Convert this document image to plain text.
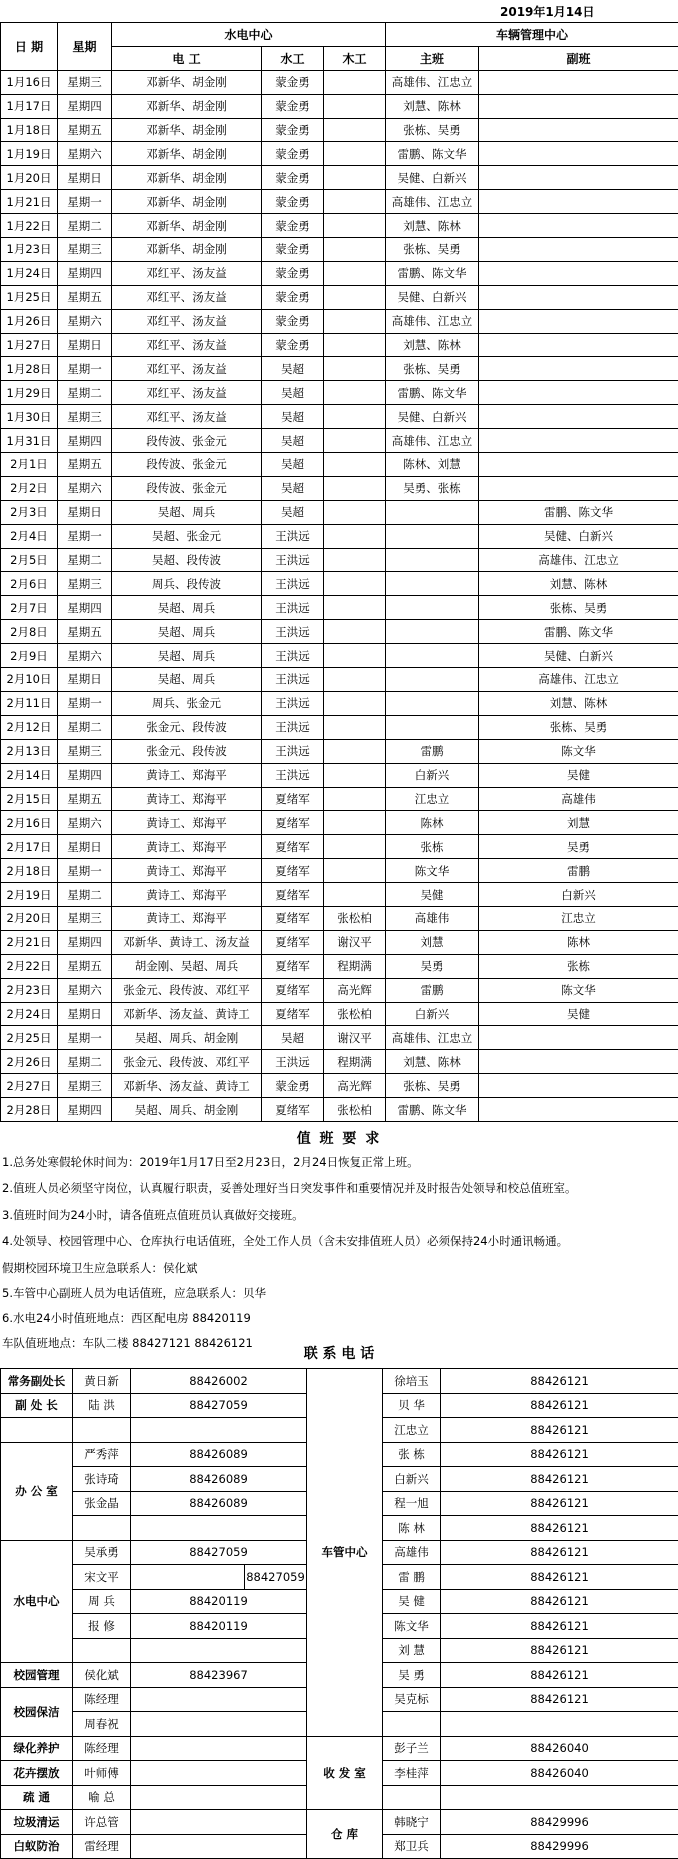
2019年1月14日
日 期	星期	水电中心			车辆管理中心	
		电 工	水工	木工	主班	副班
1月16日	星期三	邓新华、胡金刚	蒙金勇		高雄伟、江忠立	
1月17日	星期四	邓新华、胡金刚	蒙金勇		刘慧、陈林	
1月18日	星期五	邓新华、胡金刚	蒙金勇		张栋、吴勇	
1月19日	星期六	邓新华、胡金刚	蒙金勇		雷鹏、陈文华	
1月20日	星期日	邓新华、胡金刚	蒙金勇		吴健、白新兴	
1月21日	星期一	邓新华、胡金刚	蒙金勇		高雄伟、江忠立	
1月22日	星期二	邓新华、胡金刚	蒙金勇		刘慧、陈林	
1月23日	星期三	邓新华、胡金刚	蒙金勇		张栋、吴勇	
1月24日	星期四	邓红平、汤友益	蒙金勇		雷鹏、陈文华	
1月25日	星期五	邓红平、汤友益	蒙金勇		吴健、白新兴	
1月26日	星期六	邓红平、汤友益	蒙金勇		高雄伟、江忠立	
1月27日	星期日	邓红平、汤友益	蒙金勇		刘慧、陈林	
1月28日	星期一	邓红平、汤友益	吴超		张栋、吴勇	
1月29日	星期二	邓红平、汤友益	吴超		雷鹏、陈文华	
1月30日	星期三	邓红平、汤友益	吴超		吴健、白新兴	
1月31日	星期四	段传波、张金元	吴超		高雄伟、江忠立	
2月1日	星期五	段传波、张金元	吴超		陈林、刘慧	
2月2日	星期六	段传波、张金元	吴超		吴勇、张栋	
2月3日	星期日	吴超、周兵	吴超			雷鹏、陈文华
2月4日	星期一	吴超、张金元	王洪远			吴健、白新兴
2月5日	星期二	吴超、段传波	王洪远			高雄伟、江忠立
2月6日	星期三	周兵、段传波	王洪远			刘慧、陈林
2月7日	星期四	吴超、周兵	王洪远			张栋、吴勇
2月8日	星期五	吴超、周兵	王洪远			雷鹏、陈文华
2月9日	星期六	吴超、周兵	王洪远			吴健、白新兴
2月10日	星期日	吴超、周兵	王洪远			高雄伟、江忠立
2月11日	星期一	周兵、张金元	王洪远			刘慧、陈林
2月12日	星期二	张金元、段传波	王洪远			张栋、吴勇
2月13日	星期三	张金元、段传波	王洪远		雷鹏	陈文华
2月14日	星期四	黄诗工、郑海平	王洪远		白新兴	吴健
2月15日	星期五	黄诗工、郑海平	夏绪军		江忠立	高雄伟
2月16日	星期六	黄诗工、郑海平	夏绪军		陈林	刘慧
2月17日	星期日	黄诗工、郑海平	夏绪军		张栋	吴勇
2月18日	星期一	黄诗工、郑海平	夏绪军		陈文华	雷鹏
2月19日	星期二	黄诗工、郑海平	夏绪军		吴健	白新兴
2月20日	星期三	黄诗工、郑海平	夏绪军	张松柏	高雄伟	江忠立
2月21日	星期四	邓新华、黄诗工、汤友益	夏绪军	谢汉平	刘慧	陈林
2月22日	星期五	胡金刚、吴超、周兵	夏绪军	程期满	吴勇	张栋
2月23日	星期六	张金元、段传波、邓红平	夏绪军	高光辉	雷鹏	陈文华
2月24日	星期日	邓新华、汤友益、黄诗工	夏绪军	张松柏	白新兴	吴健
2月25日	星期一	吴超、周兵、胡金刚	吴超	谢汉平	高雄伟、江忠立	
2月26日	星期二	张金元、段传波、邓红平	王洪远	程期满	刘慧、陈林	
2月27日	星期三	邓新华、汤友益、黄诗工	蒙金勇	高光辉	张栋、吴勇	
2月28日	星期四	吴超、周兵、胡金刚	夏绪军	张松柏	雷鹏、陈文华	
值 班 要 求
1.总务处寒假轮休时间为：2019年1月17日至2月23日，2月24日恢复正常上班。
2.值班人员必须坚守岗位，认真履行职责，妥善处理好当日突发事件和重要情况并及时报告处领导和校总值班室。
3.值班时间为24小时，请各值班点值班员认真做好交接班。
4.处领导、校园管理中心、仓库执行电话值班，全处工作人员（含未安排值班人员）必须保持24小时通讯畅通。
假期校园环境卫生应急联系人：侯化斌
5.车管中心副班人员为电话值班，应急联系人：贝华
6.水电24小时值班地点：西区配电房 88420119
车队值班地点：车队二楼 88427121 88426121
联 系 电 话
常务副处长	黄日新	88426002		车管中心	徐培玉	88426121
副 处 长	陆 洪	88427059			贝 华	88426121
					江忠立	88426121
办 公 室	严秀萍	88426089			张 栋	88426121
	张诗琦	88426089			白新兴	88426121
	张金晶	88426089			程一旭	88426121
					陈 林	88426121
水电中心	吴承勇	88427059			高雄伟	88426121
	宋文平		88427059		雷 鹏	88426121
	周 兵	88420119			吴 健	88426121
	报 修	88420119			陈文华	88426121
					刘 慧	88426121
校园管理	侯化斌	88423967			吴 勇	88426121
校园保洁	陈经理				吴克标	88426121
	周春祝					
绿化养护	陈经理			收 发 室	彭子兰	88426040
花卉摆放	叶师傅				李桂萍	88426040
疏 通	喻 总					
垃圾清运	许总管			仓 库	韩晓宁	88429996
白蚁防治	雷经理				郑卫兵	88429996
